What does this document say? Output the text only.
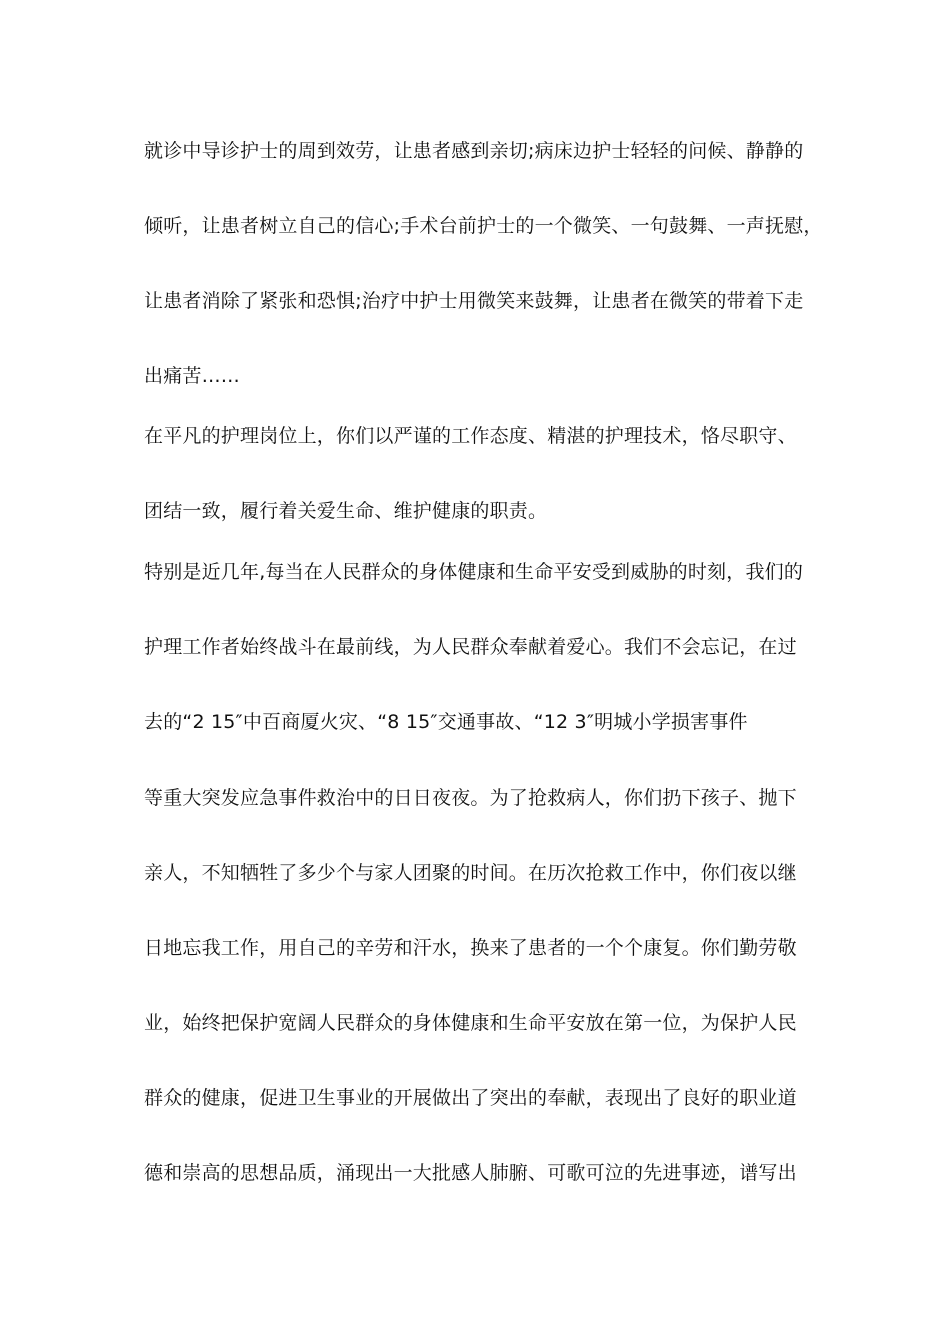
就诊中导诊护士的周到效劳，让患者感到亲切;病床边护士轻轻的问候、静静的
倾听，让患者树立自己的信心;手术台前护士的一个微笑、一句鼓舞、一声抚慰，
让患者消除了紧张和恐惧;治疗中护士用微笑来鼓舞，让患者在微笑的带着下走
出痛苦……
在平凡的护理岗位上，你们以严谨的工作态度、精湛的护理技术，恪尽职守、
团结一致，履行着关爱生命、维护健康的职责。
特别是近几年,每当在人民群众的身体健康和生命平安受到威胁的时刻，我们的
护理工作者始终战斗在最前线，为人民群众奉献着爱心。我们不会忘记，在过
去的“2 15″中百商厦火灾、“8 15″交通事故、“12 3″明城小学损害事件
等重大突发应急事件救治中的日日夜夜。为了抢救病人，你们扔下孩子、抛下
亲人，不知牺牲了多少个与家人团聚的时间。在历次抢救工作中，你们夜以继
日地忘我工作，用自己的辛劳和汗水，换来了患者的一个个康复。你们勤劳敬
业，始终把保护宽阔人民群众的身体健康和生命平安放在第一位，为保护人民
群众的健康，促进卫生事业的开展做出了突出的奉献，表现出了良好的职业道
德和崇高的思想品质，涌现出一大批感人肺腑、可歌可泣的先进事迹，谱写出
